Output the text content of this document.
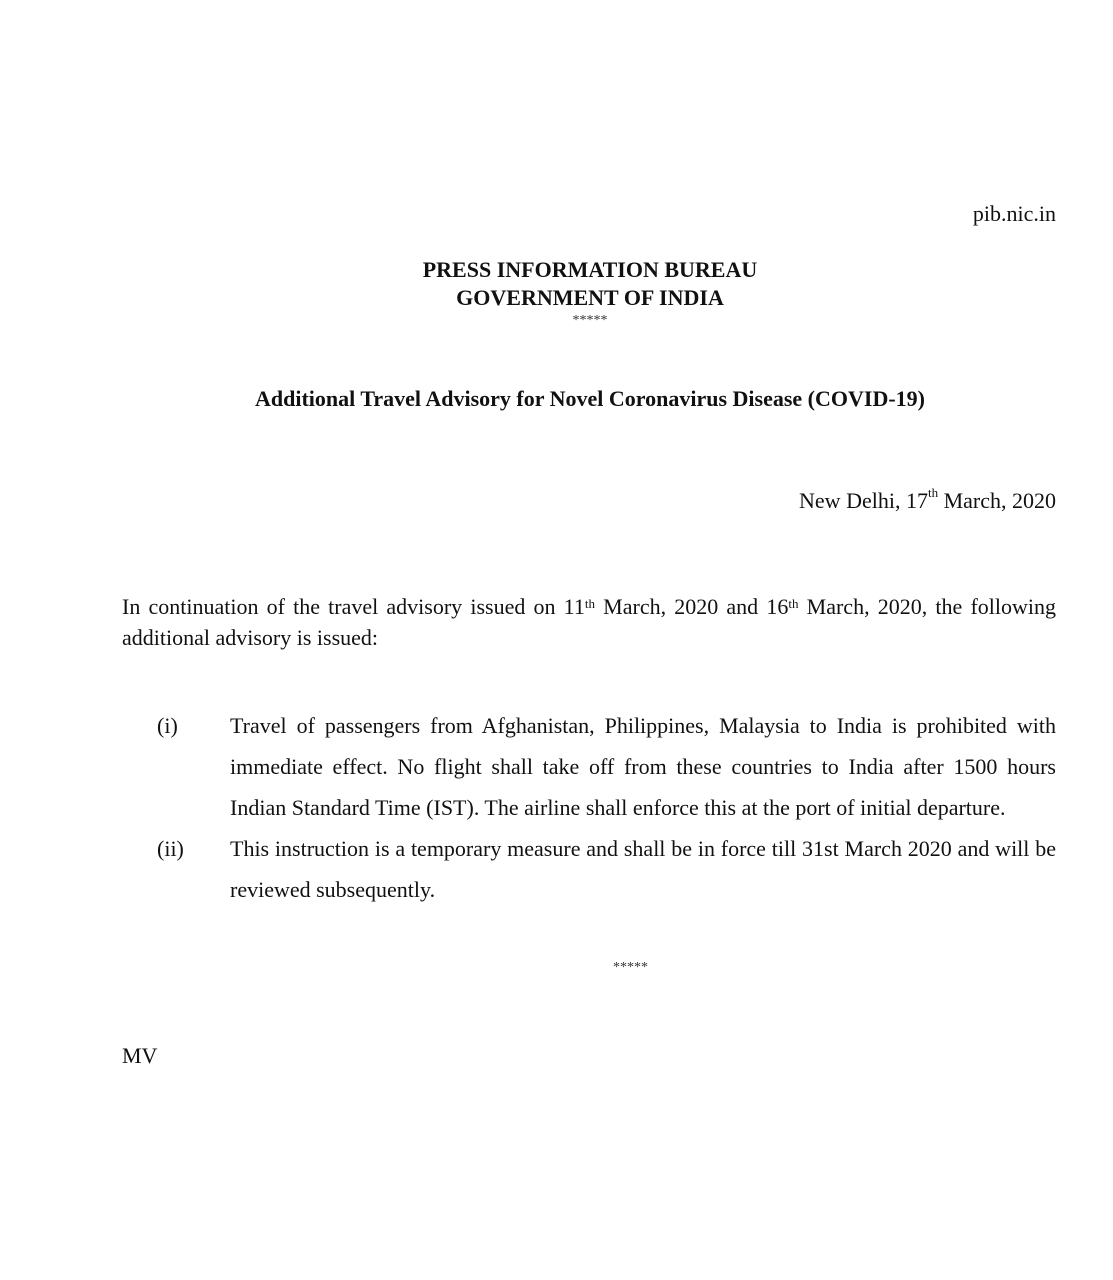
pib.nic.in
PRESS INFORMATION BUREAU
GOVERNMENT OF INDIA
*****
Additional Travel Advisory for Novel Coronavirus Disease (COVID-19)
New Delhi, 17th March, 2020
In continuation of the travel advisory issued on 11th March, 2020 and 16th March, 2020, the following additional advisory is issued:
(i)	Travel of passengers from Afghanistan, Philippines, Malaysia to India is prohibited with immediate effect. No flight shall take off from these countries to India after 1500 hours Indian Standard Time (IST). The airline shall enforce this at the port of initial departure.
(ii)	This instruction is a temporary measure and shall be in force till 31st March 2020 and will be reviewed subsequently.
*****
MV
